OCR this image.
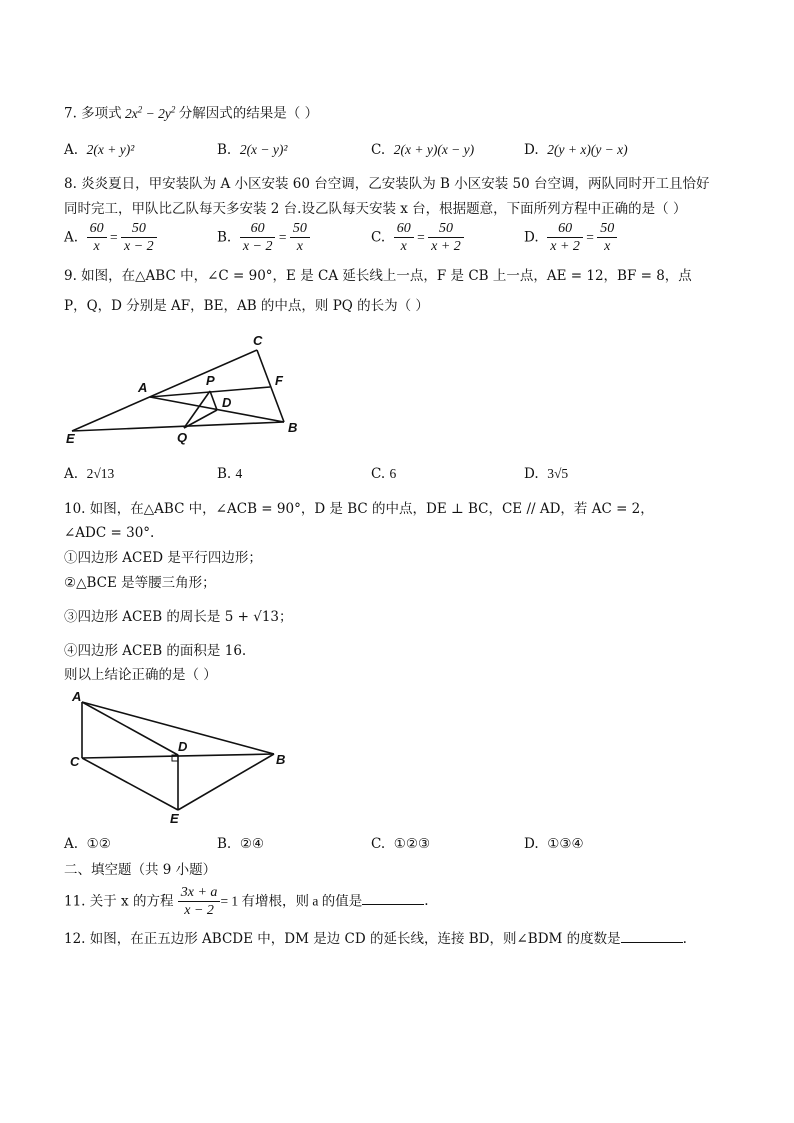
7. 多项式 $2x^2 - 2y^2$ 分解因式的结果是（ ）
A. 2(x + y)²	B. 2(x − y)²	C. 2(x + y)(x − y)	D. 2(y + x)(y − x)
8. 炎炎夏日，甲安装队为 A 小区安装 60 台空调，乙安装队为 B 小区安装 50 台空调，两队同时开工且恰好
同时完工，甲队比乙队每天多安装 2 台.设乙队每天安装 x 台，根据题意，下面所列方程中正确的是（ ）
A. $\frac{60}{x} = \frac{50}{x - 2}$	B. $\frac{60}{x - 2} = \frac{50}{x}$	C. $\frac{60}{x} = \frac{50}{x + 2}$	D. $\frac{60}{x + 2} = \frac{50}{x}$
9. 如图，在△ABC 中，∠C = 90°，E 是 CA 延长线上一点，F 是 CB 上一点，AE = 12，BF = 8，点
P，Q，D 分别是 AF，BE，AB 的中点，则 PQ 的长为（ ）
C
A	P	F
D
E	Q
B
A. 2√13	B. 4	C. 6	D. 3√5
10. 如图，在△ABC 中，∠ACB = 90°，D 是 BC 的中点，DE ⊥ BC，CE // AD，若 AC = 2，
∠ADC = 30°.
①四边形 ACED 是平行四边形；
②△BCE 是等腰三角形；
③四边形 ACEB 的周长是 5 + √13；
④四边形 ACEB 的面积是 16.
则以上结论正确的是（ ）
A
D
C	B
E
A. ①②	B. ②④	C. ①②③	D. ①③④
二、填空题（共 9 小题）
11. 关于 x 的方程 $\frac{3x + a}{x - 2} = 1$ 有增根，则 a 的值是	.
12. 如图，在正五边形 ABCDE 中，DM 是边 CD 的延长线，连接 BD，则∠BDM 的度数是	.
